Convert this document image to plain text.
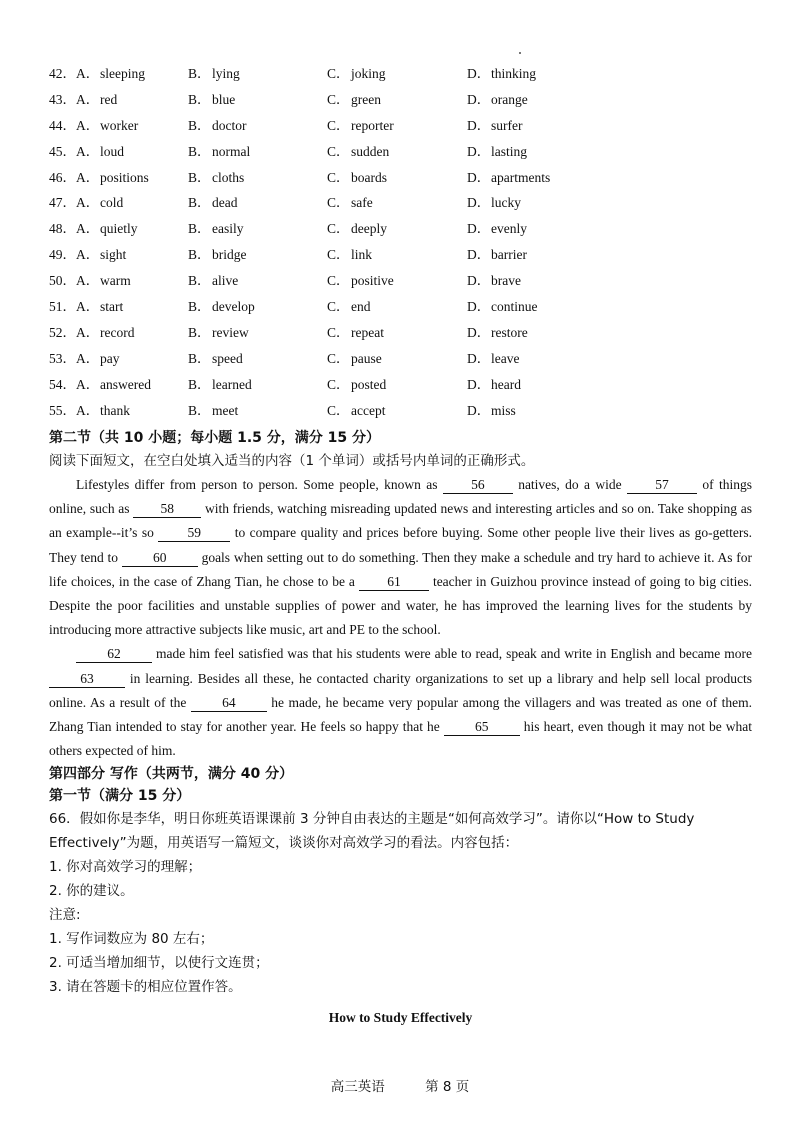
42． A．sleeping	B．lying	C．joking	D．thinking
43． A．red	B．blue	C．green	D．orange
44． A．worker	B．doctor	C．reporter	D．surfer
45． A．loud	B．normal	C．sudden	D．lasting
46． A．positions	B．cloths	C．boards	D．apartments
47． A．cold	B．dead	C．safe	D．lucky
48． A．quietly	B．easily	C．deeply	D．evenly
49． A．sight	B．bridge	C．link	D．barrier
50． A．warm	B．alive	C．positive	D．brave
51． A．start	B．develop	C．end	D．continue
52． A．record	B．review	C．repeat	D．restore
53． A．pay	B．speed	C．pause	D．leave
54． A．answered	B．learned	C．posted	D．heard
55． A．thank	B．meet	C．accept	D．miss

第二节（共 10 小题；每小题 1.5 分，满分 15 分）

阅读下面短文，在空白处填入适当的内容（1 个单词）或括号内单词的正确形式。

Lifestyles differ from person to person. Some people, known as 56 natives, do a wide 57 of things online, such as 58 with friends, watching misreading updated news and interesting articles and so on. Take shopping as an example--it’s so 59 to compare quality and prices before buying. Some other people live their lives as go-getters. They tend to 60 goals when setting out to do something. Then they make a schedule and try hard to achieve it. As for life choices, in the case of Zhang Tian, he chose to be a 61 teacher in Guizhou province instead of going to big cities. Despite the poor facilities and unstable supplies of power and water, he has improved the learning lives for the students by introducing more attractive subjects like music, art and PE to the school.

62 made him feel satisfied was that his students were able to read, speak and write in English and became more 63 in learning. Besides all these, he contacted charity organizations to set up a library and help sell local products online. As a result of the 64 he made, he became very popular among the villagers and was treated as one of them. Zhang Tian intended to stay for another year. He feels so happy that he 65 his heart, even though it may not be what others expected of him.

第四部分 写作（共两节，满分 40 分）

第一节（满分 15 分）

66．假如你是李华，明日你班英语课课前 3 分钟自由表达的主题是“如何高效学习”。请你以“How to Study Effectively”为题，用英语写一篇短文，谈谈你对高效学习的看法。内容包括：

1. 你对高效学习的理解；

2. 你的建议。

注意:

1. 写作词数应为 80 左右；

2. 可适当增加细节，以使行文连贯；

3. 请在答题卡的相应位置作答。

How to Study Effectively
高三英语	第 8 页
